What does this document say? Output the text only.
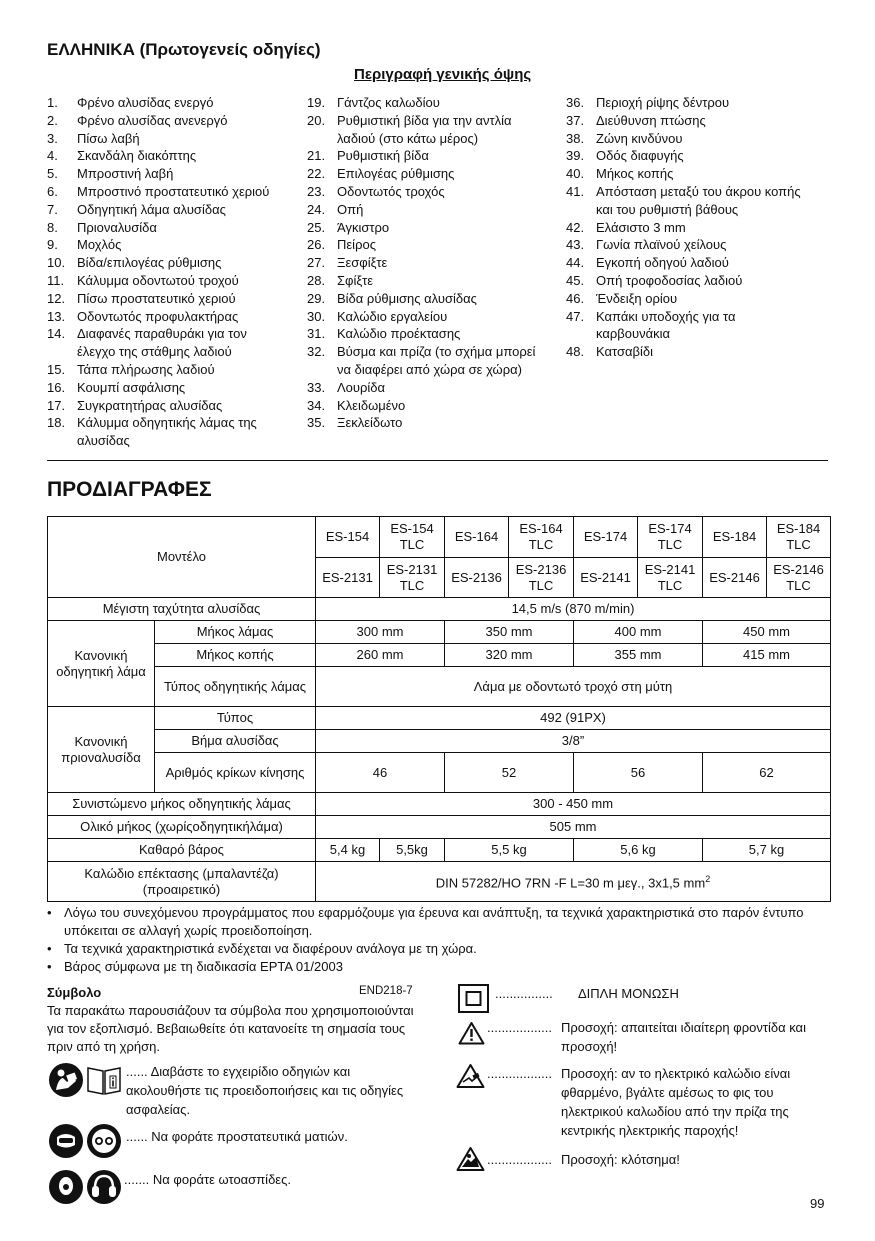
ΕΛΛΗΝΙΚΑ (Πρωτογενείς οδηγίες)
Περιγραφή γενικής όψης
1.	Φρένο αλυσίδας ενεργό
2.	Φρένο αλυσίδας ανενεργό
3.	Πίσω λαβή
4.	Σκανδάλη διακόπτης
5.	Μπροστινή λαβή
6.	Μπροστινό προστατευτικό χεριού
7.	Οδηγητική λάμα αλυσίδας
8.	Πριοναλυσίδα
9.	Μοχλός
10. Βίδα/επιλογέας ρύθμισης
11. Κάλυμμα οδοντωτού τροχού
12. Πίσω προστατευτικό χεριού
13. Οδοντωτός προφυλακτήρας
14. Διαφανές παραθυράκι για τον έλεγχο της στάθμης λαδιού
15. Τάπα πλήρωσης λαδιού
16. Κουμπί ασφάλισης
17. Συγκρατητήρας αλυσίδας
18. Κάλυμμα οδηγητικής λάμας της αλυσίδας
19. Γάντζος καλωδίου
20. Ρυθμιστική βίδα για την αντλία λαδιού (στο κάτω μέρος)
21. Ρυθμιστική βίδα
22. Επιλογέας ρύθμισης
23. Οδοντωτός τροχός
24. Οπή
25. Άγκιστρο
26. Πείρος
27. Ξεσφίξτε
28. Σφίξτε
29. Βίδα ρύθμισης αλυσίδας
30. Καλώδιο εργαλείου
31. Καλώδιο προέκτασης
32. Βύσμα και πρίζα (το σχήμα μπορεί να διαφέρει από χώρα σε χώρα)
33. Λουρίδα
34. Κλειδωμένο
35. Ξεκλείδωτο
36. Περιοχή ρίψης δέντρου
37. Διεύθυνση πτώσης
38. Ζώνη κινδύνου
39. Οδός διαφυγής
40. Μήκος κοπής
41. Απόσταση μεταξύ του άκρου κοπής και του ρυθμιστή βάθους
42. Ελάσιστο 3 mm
43. Γωνία πλαϊνού χείλους
44. Εγκοπή οδηγού λαδιού
45. Οπή τροφοδοσίας λαδιού
46. Ένδειξη ορίου
47. Καπάκι υποδοχής για τα καρβουνάκια
48. Κατσαβίδι
ΠΡΟΔΙΑΓΡΑΦΕΣ
Μοντέλο		ES-154	ES-154 TLC	ES-164	ES-164 TLC	ES-174	ES-174 TLC	ES-184	ES-184 TLC
		ES-2131	ES-2131 TLC	ES-2136	ES-2136 TLC	ES-2141	ES-2141 TLC	ES-2146	ES-2146 TLC
Μέγιστη ταχύτητα αλυσίδας		14,5 m/s (870 m/min)							
Κανονική οδηγητική λάμα	Μήκος λάμας	300 mm		350 mm		400 mm		450 mm	
	Μήκος κοπής	260 mm		320 mm		355 mm		415 mm	
	Τύπος οδηγητικής λάμας	Λάμα με οδοντωτό τροχό στη μύτη							
Κανονική πριοναλυσίδα	Τύπος	492 (91PX)							
	Βήμα αλυσίδας	3/8”							
	Αριθμός κρίκων κίνησης	46		52		56		62	
Συνιστώμενο μήκος οδηγητικής λάμας		300 - 450 mm							
Ολικό μήκος (χωρίςοδηγητικήλάμα)		505 mm							
Καθαρό βάρος		5,4 kg	5,5kg	5,5 kg		5,6 kg		5,7 kg	
Καλώδιο επέκτασης (μπαλαντέζα) (προαιρετικό)		DIN 57282/HO 7RN -F L=30 m μεγ., 3x1,5 $mm^2$
• Λόγω του συνεχόμενου προγράμματος που εφαρμόζουμε για έρευνα και ανάπτυξη, τα τεχνικά χαρακτηριστικά στο παρόν έντυπο υπόκειται σε αλλαγή χωρίς προειδοποίηση.
• Τα τεχνικά χαρακτηριστικά ενδέχεται να διαφέρουν ανάλογα με τη χώρα.
• Βάρος σύμφωνα με τη διαδικασία EPTA 01/2003
Σύμβολο	END218-7
Τα παρακάτω παρουσιάζουν τα σύμβολα που χρησιμοποιούνται για τον εξοπλισμό. Βεβαιωθείτε ότι κατανοείτε τη σημασία τους πριν από τη χρήση.
...... Διαβάστε το εγχειρίδιο οδηγιών και ακολουθήστε τις προειδοποιήσεις και τις οδηγίες ασφαλείας.
...... Να φοράτε προστατευτικά ματιών.
....... Να φοράτε ωτοασπίδες.
................ ΔΙΠΛΗ ΜΟΝΩΣΗ
.................. Προσοχή: απαιτείται ιδιαίτερη φροντίδα και προσοχή!
.................. Προσοχή: αν το ηλεκτρικό καλώδιο είναι φθαρμένο, βγάλτε αμέσως το φις του ηλεκτρικού καλωδίου από την πρίζα της κεντρικής ηλεκτρικής παροχής!
.................. Προσοχή: κλότσημα!
99
